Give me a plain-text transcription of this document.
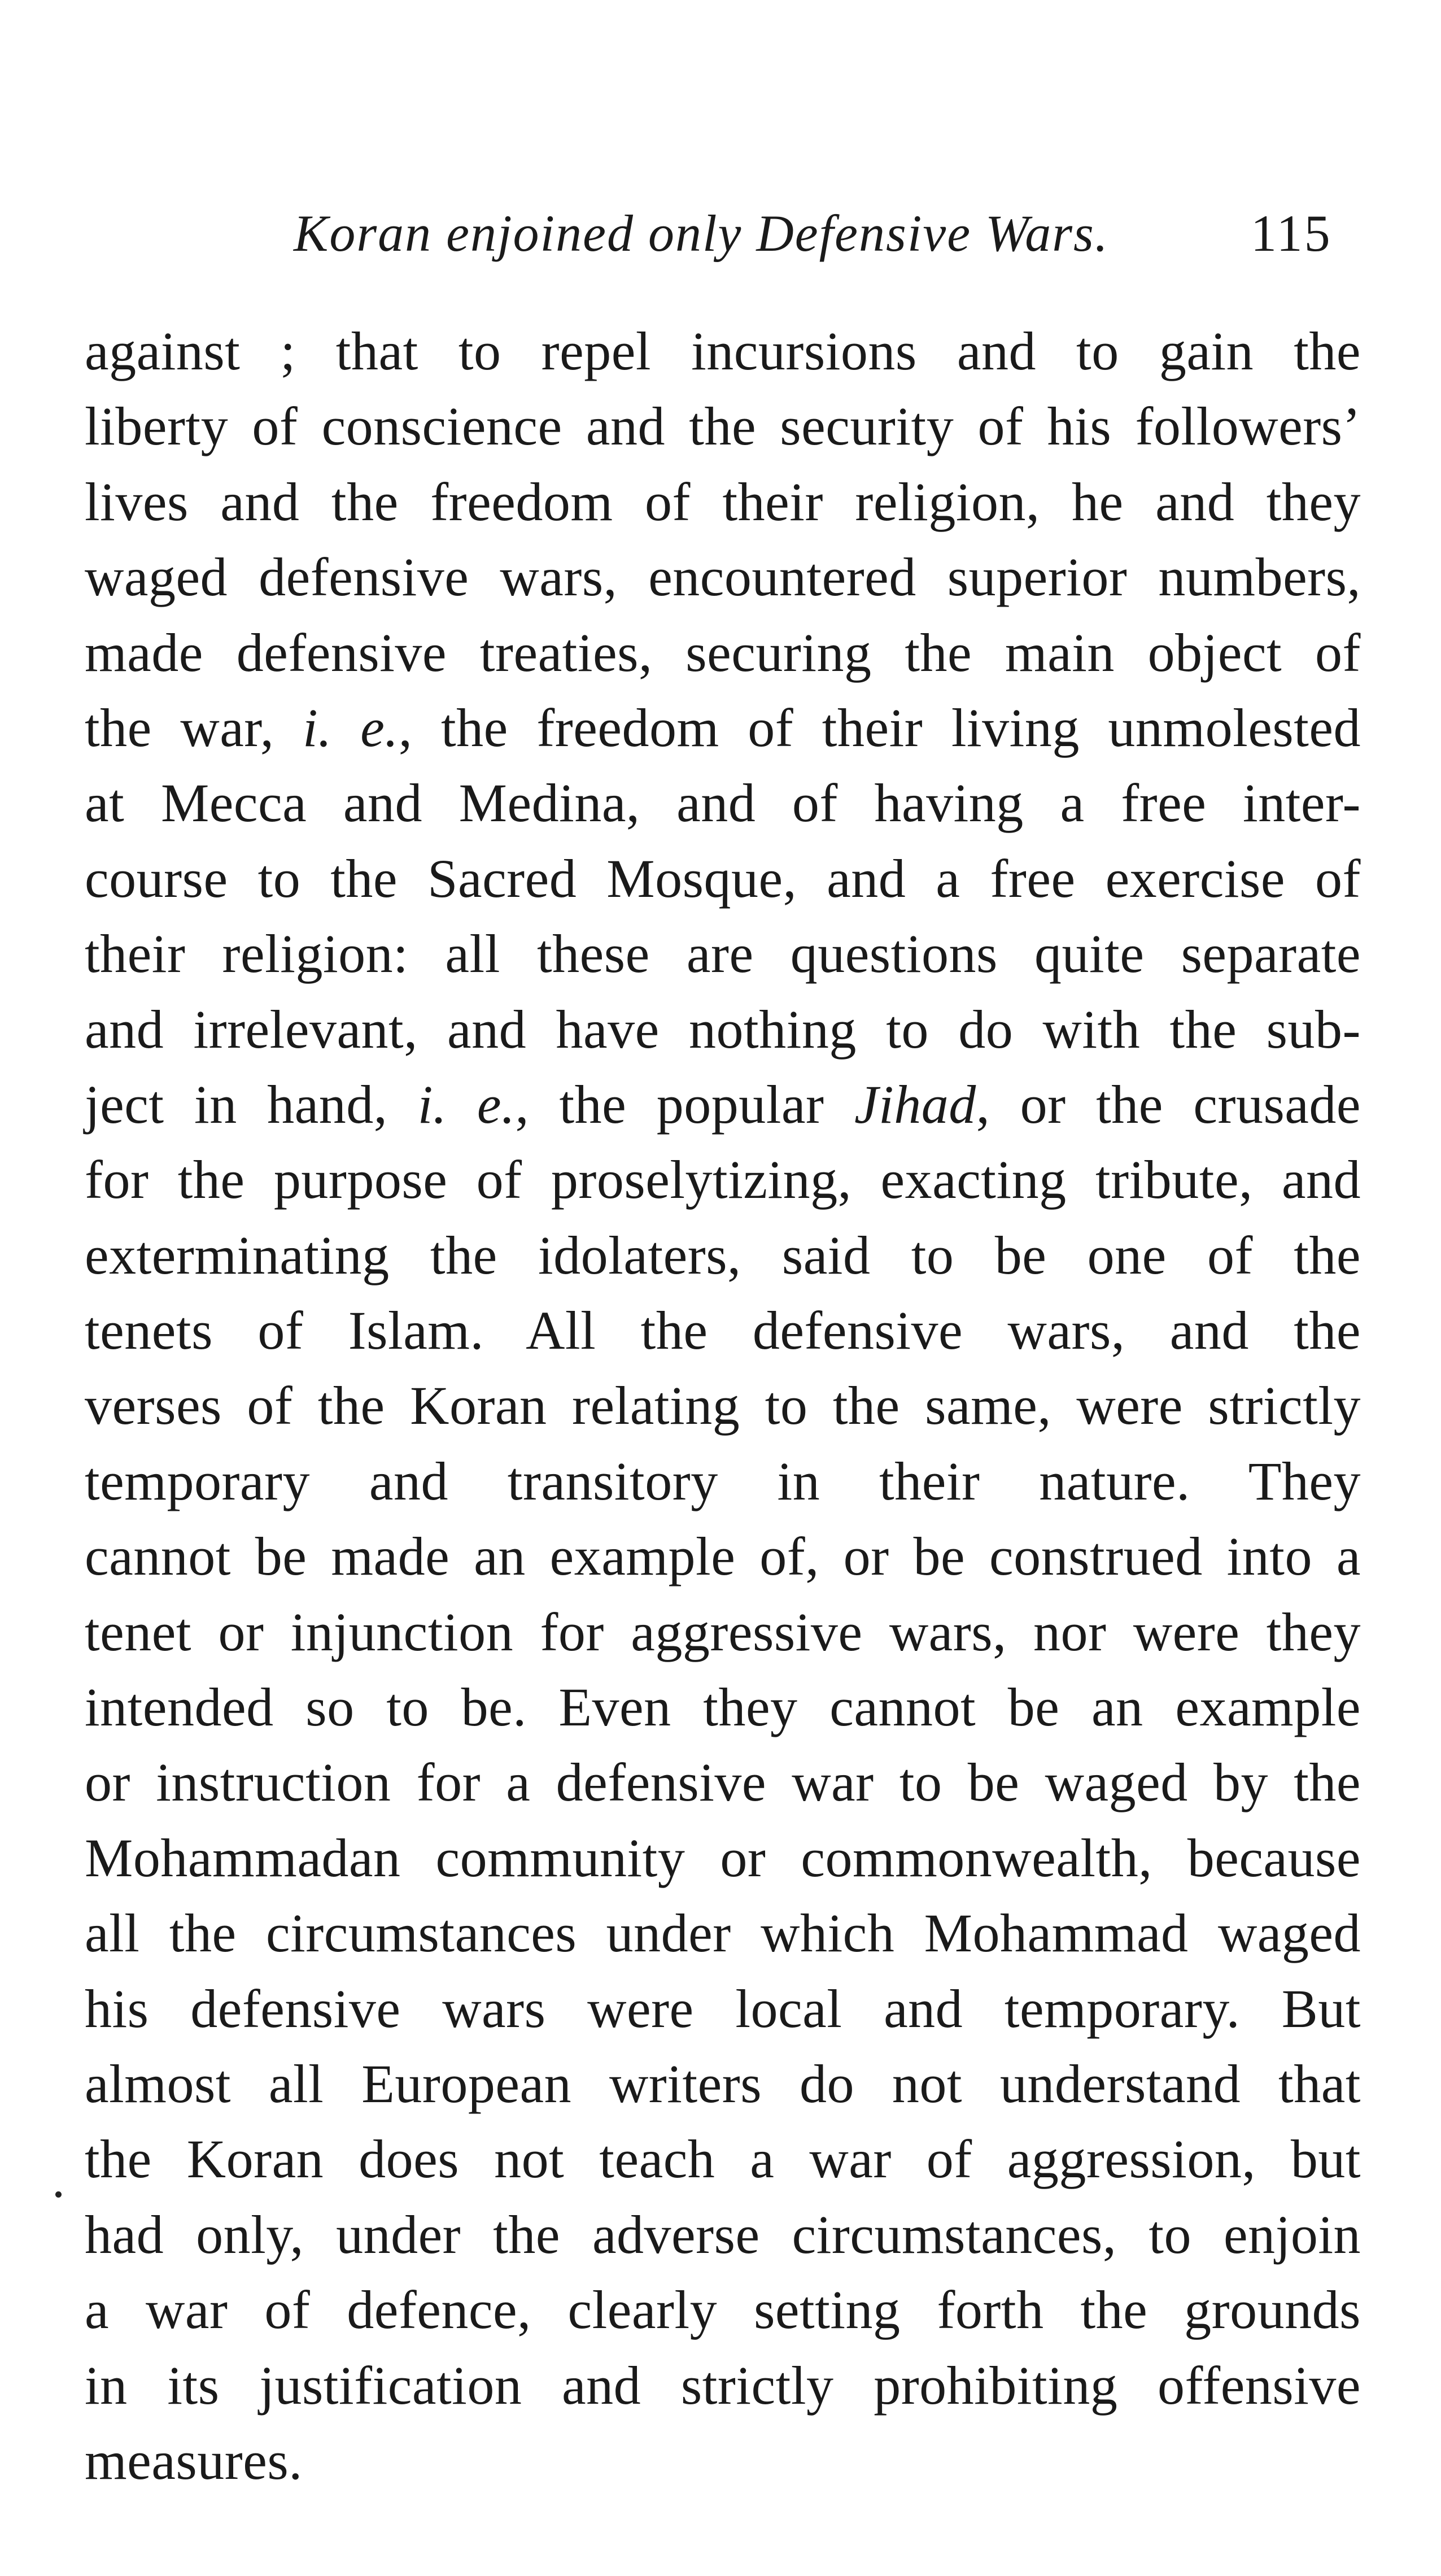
Koran enjoined only Defensive Wars.	115
against ; that to repel incursions and to gain the
liberty of conscience and the security of his followers’
lives and the freedom of their religion, he and they
waged defensive wars, encountered superior numbers,
made defensive treaties, securing the main object of
the war, i. e., the freedom of their living unmolested
at Mecca and Medina, and of having a free inter-
course to the Sacred Mosque, and a free exercise of
their religion: all these are questions quite separate
and irrelevant, and have nothing to do with the sub-
ject in hand, i. e., the popular Jihad, or the crusade
for the purpose of proselytizing, exacting tribute, and
exterminating the idolaters, said to be one of the
tenets of Islam. All the defensive wars, and the
verses of the Koran relating to the same, were strictly
temporary and transitory in their nature. They
cannot be made an example of, or be construed into a
tenet or injunction for aggressive wars, nor were they
intended so to be. Even they cannot be an example
or instruction for a defensive war to be waged by the
Mohammadan community or commonwealth, because
all the circumstances under which Mohammad waged
his defensive wars were local and temporary. But
almost all European writers do not understand that
the Koran does not teach a war of aggression, but
had only, under the adverse circumstances, to enjoin
a war of defence, clearly setting forth the grounds
in its justification and strictly prohibiting offensive
measures.
